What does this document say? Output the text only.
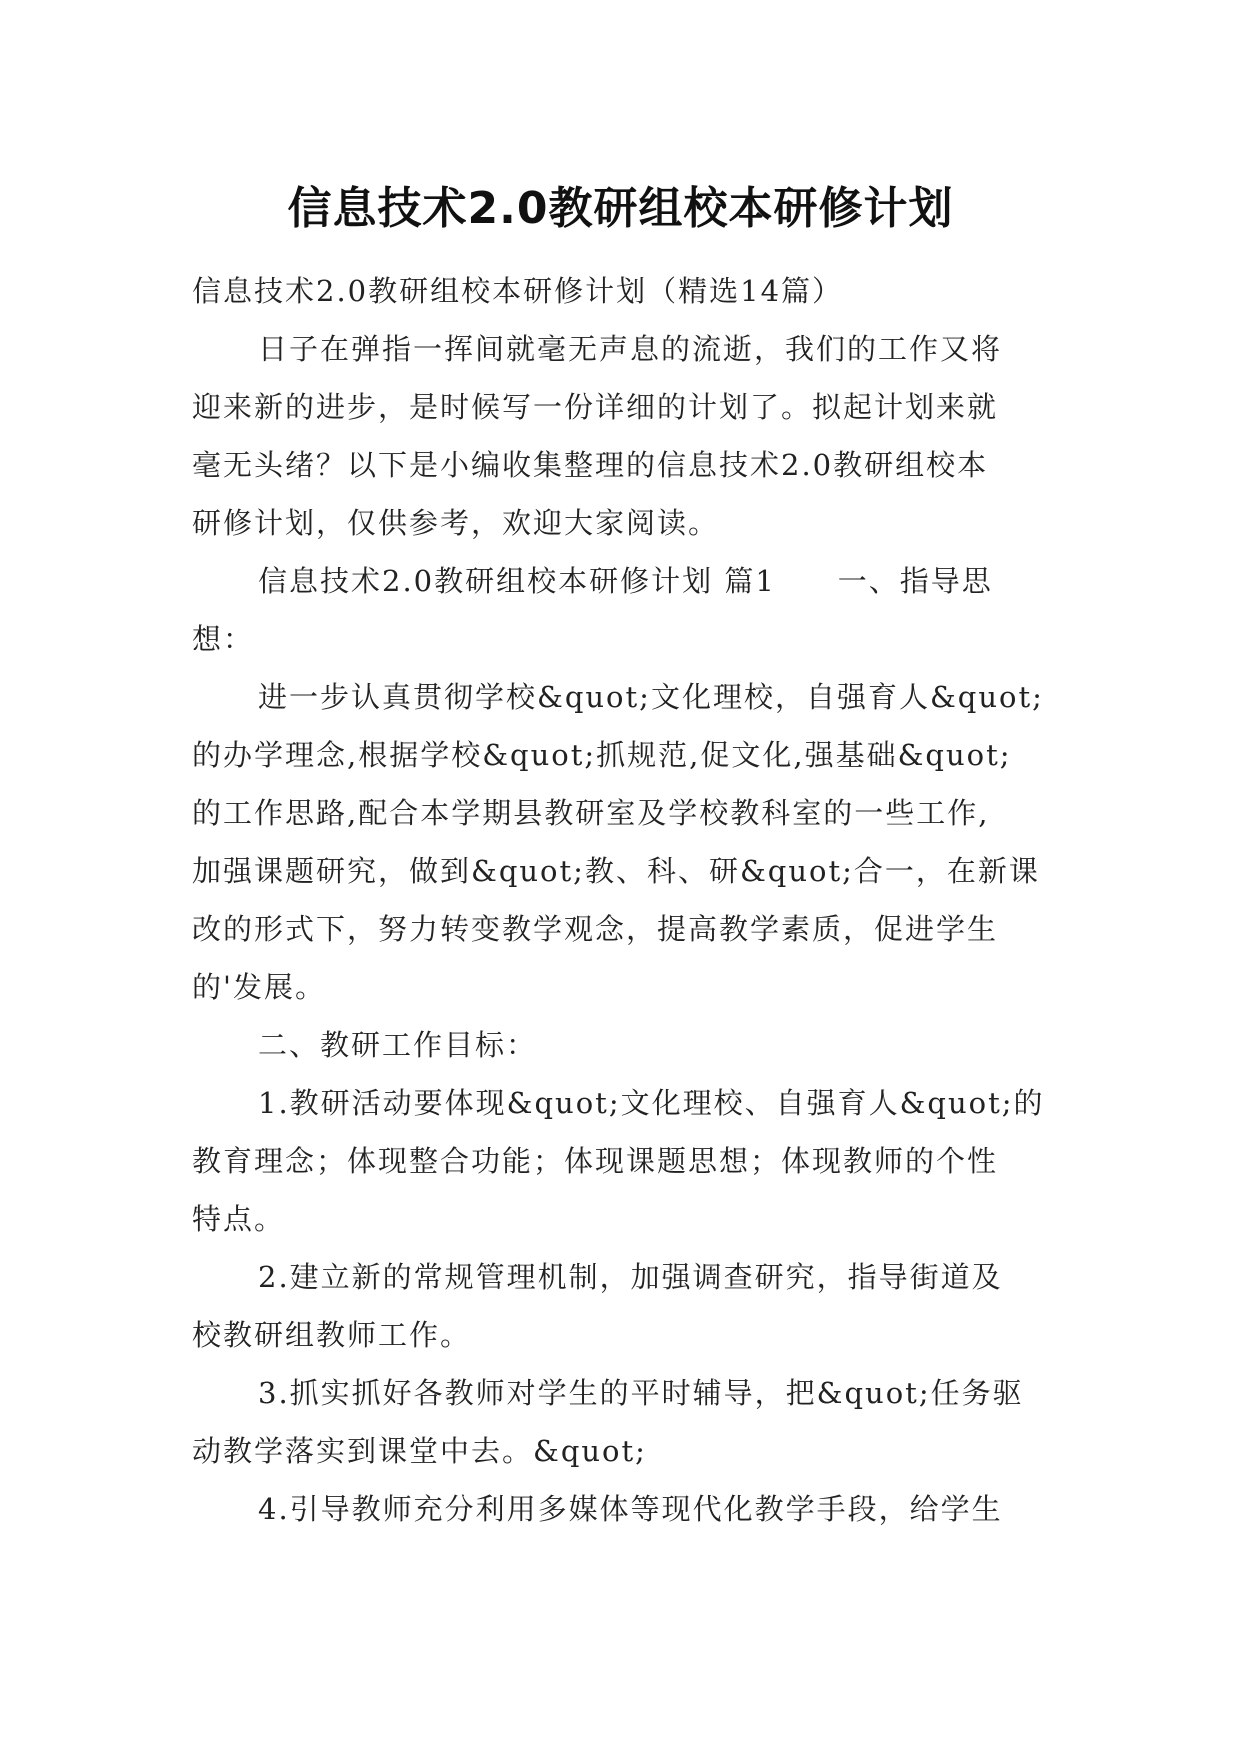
信息技术2.0教研组校本研修计划
信息技术2.0教研组校本研修计划（精选14篇）
日子在弹指一挥间就毫无声息的流逝，我们的工作又将
迎来新的进步，是时候写一份详细的计划了。拟起计划来就
毫无头绪？以下是小编收集整理的信息技术2.0教研组校本
研修计划，仅供参考，欢迎大家阅读。
信息技术2.0教研组校本研修计划 篇1　　一、指导思
想：
进一步认真贯彻学校&quot;文化理校，自强育人&quot;
的办学理念,根据学校&quot;抓规范,促文化,强基础&quot;
的工作思路,配合本学期县教研室及学校教科室的一些工作,
加强课题研究，做到&quot;教、科、研&quot;合一，在新课
改的形式下，努力转变教学观念，提高教学素质，促进学生
的'发展。
二、教研工作目标：
1.教研活动要体现&quot;文化理校、自强育人&quot;的
教育理念；体现整合功能；体现课题思想；体现教师的个性
特点。
2.建立新的常规管理机制，加强调查研究，指导街道及
校教研组教师工作。
3.抓实抓好各教师对学生的平时辅导，把&quot;任务驱
动教学落实到课堂中去。&quot;
4.引导教师充分利用多媒体等现代化教学手段，给学生
